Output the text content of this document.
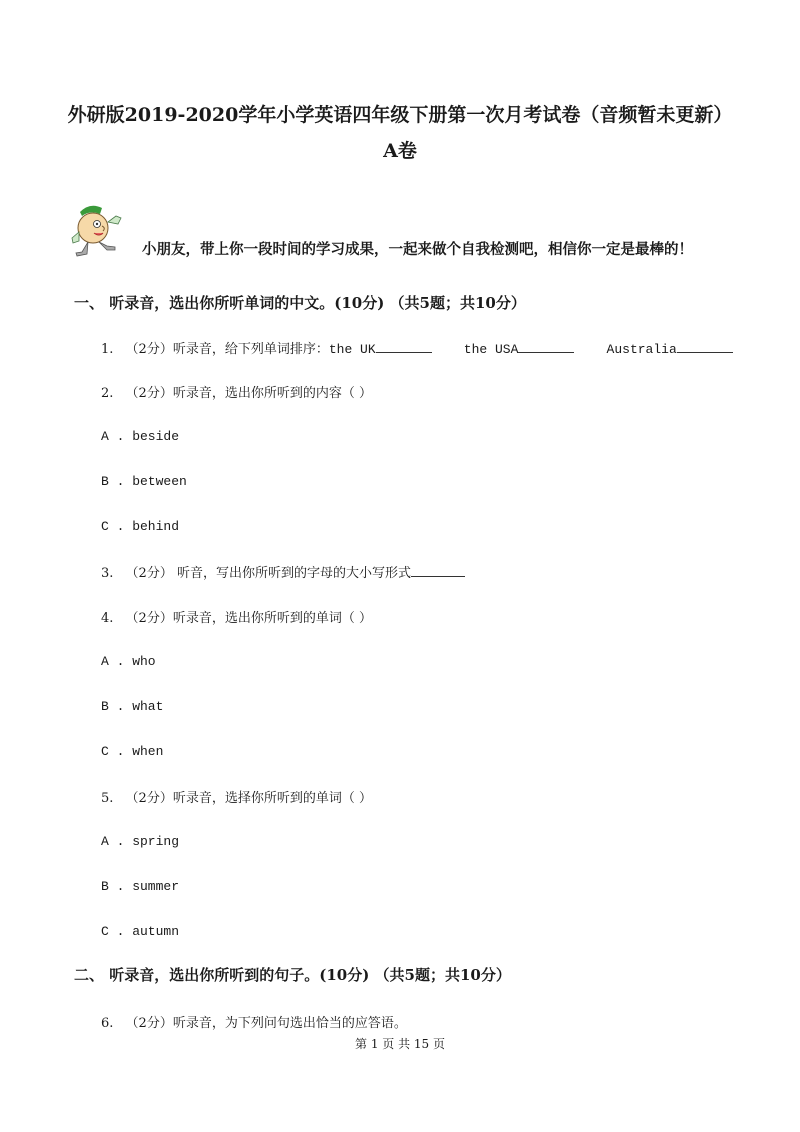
外研版2019-2020学年小学英语四年级下册第一次月考试卷（音频暂未更新）
A卷
小朋友，带上你一段时间的学习成果，一起来做个自我检测吧，相信你一定是最棒的！
一、 听录音，选出你所听单词的中文。(10分) （共5题；共10分）
1. （2分）听录音，给下列单词排序：the UK	the USA	Australia
2. （2分）听录音，选出你所听到的内容（ ）
A . beside
B . between
C . behind
3. （2分） 听音，写出你所听到的字母的大小写形式
4. （2分）听录音，选出你所听到的单词（ ）
A . who
B . what
C . when
5. （2分）听录音，选择你所听到的单词（ ）
A . spring
B . summer
C . autumn
二、 听录音，选出你所听到的句子。(10分) （共5题；共10分）
6. （2分）听录音，为下列问句选出恰当的应答语。
第 1 页 共 15 页
